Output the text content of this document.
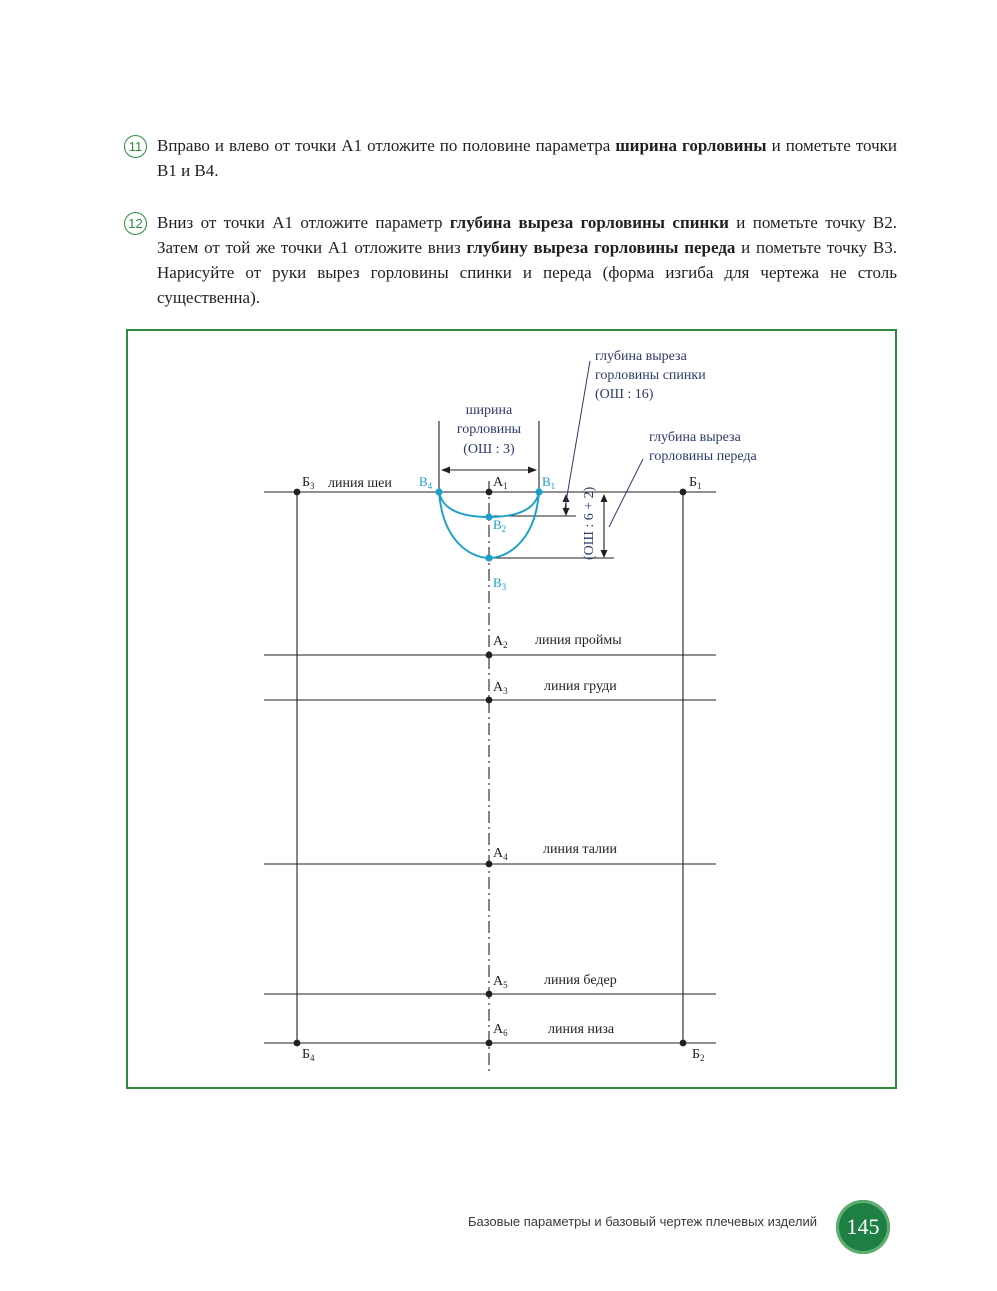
11 Вправо и влево от точки А1 отложите по половине параметра ширина горловины и пометьте точки В1 и В4.
12 Вниз от точки А1 отложите параметр глубина выреза горловины спинки и пометьте точку В2. Затем от той же точки А1 отложите вниз глубину выреза горловины переда и пометьте точку В3. Нарисуйте от руки вырез горловины спинки и переда (форма изгиба для чертежа не столь существенна).
$Б_3$	$Б_1$
$Б_4$	$Б_2$
$А_1$
$А_2$
$А_3$
$А_4$
$А_5$
$А_6$
$В_4$	$В_1$
$В_2$
$В_3$
линия шеи
линия проймы
линия груди
линия талии
линия бедер
линия низа
ширина
горловины
(ОШ : 3)
глубина выреза
горловины спинки
(ОШ : 16)
глубина выреза
горловины переда
(ОШ : 6 + 2)
Базовые параметры и базовый чертеж плечевых изделий	145
